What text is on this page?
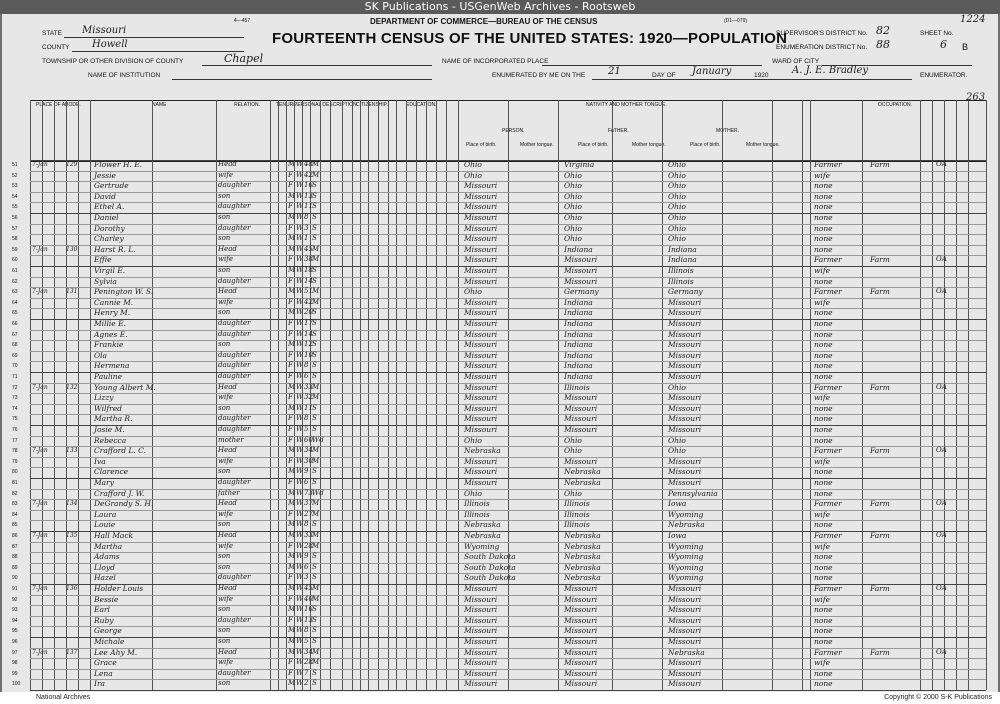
SK Publications - USGenWeb Archives - Rootsweb
4—457	DEPARTMENT OF COMMERCE—BUREAU OF THE CENSUS	(D1—079)	1224
FOURTEENTH CENSUS OF THE UNITED STATES: 1920—POPULATION
STATE Missouri
COUNTY Howell
TOWNSHIP OR OTHER DIVISION OF COUNTY	Chapel
NAME OF INSTITUTION
NAME OF INCORPORATED PLACE	WARD OF CITY
ENUMERATED BY ME ON THE 21	DAY OF January	1920 A. J. E. Bradley	ENUMERATOR.
SUPERVISOR'S DISTRICT No. 82	SHEET No.
ENUMERATION DISTRICT No. 88	6 B
263
PLACE OF ABODE.	NAME	RELATION.	TENURE.
PERSONAL DESCRIPTION.
CITIZENSHIP.	EDUCATION.	NATIVITY AND MOTHER TONGUE.	OCCUPATION.
PERSON.	FATHER.	MOTHER.
Place of birth.	Mother tongue.	Place of birth.	Mother tongue.	Place of birth.	Mother tongue.
51 7-Jan	129 Flower H. E.	Head	M W 48 M	Ohio	Virginia	Ohio	Farmer	Farm	OA
52	Jessie	wife	F W 42 M	Ohio	Ohio	Ohio	wife
53	Gertrude	daughter	F W 16 S	Missouri	Ohio	Ohio	none
54	David	son	M W 13 S	Missouri	Ohio	Ohio	none
55	Ethel A.	daughter	F W 11 S	Missouri	Ohio	Ohio	none
56	Daniel	son	M W 8 S	Missouri	Ohio	Ohio	none
57	Dorothy	daughter	F W 3 S	Missouri	Ohio	Ohio	none
58	Charley	son	M W 1 S	Missouri	Ohio	Ohio	none
59 7-Jan	130 Harst R. L.	Head	M W 45 M	Missouri	Indiana	Indiana	none
60	Effie	wife	F W 38 M	Missouri	Missouri	Indiana	Farmer	Farm	OA
61	Virgil E.	son	M W 18 S	Missouri	Missouri	Illinois	wife
62	Sylvia	daughter	F W 14 S	Missouri	Missouri	Illinois	none
63 7-Jan	131 Penington W. S.	Head	M W 51 M	Ohio	Germany	Germany	Farmer	Farm	OA
64	Cannie M.	wife	F W 42 M	Missouri	Indiana	Missouri	wife
65	Henry M.	son	M W 20 S	Missouri	Indiana	Missouri	none
66	Millie E.	daughter	F W 17 S	Missouri	Indiana	Missouri	none
67	Agnes E.	daughter	F W 14 S	Missouri	Indiana	Missouri	none
68	Frankie	son	M W 12 S	Missouri	Indiana	Missouri	none
69	Ola	daughter	F W 10 S	Missouri	Indiana	Missouri	none
70	Hermena	daughter	F W 8 S	Missouri	Indiana	Missouri	none
71	Pauline	daughter	F W 6 S	Missouri	Indiana	Missouri	none
72 7-Jan	132 Young Albert M.	Head	M W 33 M	Missouri	Illinois	Ohio	Farmer	Farm	OA
73	Lizzy	wife	F W 32 M	Missouri	Missouri	Missouri	wife
74	Wilfred	son	M W 11 S	Missouri	Missouri	Missouri	none
75	Martha R.	daughter	F W 8 S	Missouri	Missouri	Missouri	none
76	Josie M.	daughter	F W 5 S	Missouri	Missouri	Missouri	none
77	Rebecca	mother	F W 60 Wd	Ohio	Ohio	Ohio	none
78 7-Jan	133 Crafford L. C.	Head	M W 34 M	Nebraska	Ohio	Ohio	Farmer	Farm	OA
79	Iva	wife	F W 30 M	Missouri	Missouri	Missouri	wife
80	Clarence	son	M W 9 S	Missouri	Nebraska	Missouri	none
81	Mary	daughter	F W 6 S	Missouri	Nebraska	Missouri	none
82	Crafford J. W.	father	M W 73 Wd	Ohio	Ohio	Pennsylvania	none
83 7-Jan	134 DeGrandy S. H.	Head	M W 37 M	Illinois	Illinois	Iowa	Farmer	Farm	OA
84	Laura	wife	F W 27 M	Illinois	Illinois	Wyoming	wife
85	Louie	son	M W 8 S	Nebraska	Illinois	Nebraska	none
86 7-Jan	135 Hall Mack	Head	M W 33 M	Nebraska	Nebraska	Iowa	Farmer	Farm	OA
87	Martha	wife	F W 28 M	Wyoming	Nebraska	Wyoming	wife
88	Adams	son	M W 9 S	South Dakota	Nebraska	Wyoming	none
89	Lloyd	son	M W 6 S	South Dakota	Nebraska	Wyoming	none
90	Hazel	daughter	F W 3 S	South Dakota	Nebraska	Wyoming	none
91 7-Jan	136 Holder Louis	Head	M W 45 M	Missouri	Missouri	Missouri	Farmer	Farm	OA
92	Bessie	wife	F W 40 M	Missouri	Missouri	Missouri	wife
93	Earl	son	M W 16 S	Missouri	Missouri	Missouri	none
94	Ruby	daughter	F W 13 S	Missouri	Missouri	Missouri	none
95	George	son	M W 8 S	Missouri	Missouri	Missouri	none
96	Michale	son	M W 5 S	Missouri	Missouri	Missouri	none
97 7-Jan	137 Lee Ahy M.	Head	M W 34 M	Missouri	Missouri	Nebraska	Farmer	Farm	OA
98	Grace	wife	F W 28 M	Missouri	Missouri	Missouri	wife
99	Lena	daughter	F W 7 S	Missouri	Missouri	Missouri	none
100	Ira	son	M W 2 S	Missouri	Missouri	Missouri	none
National Archives	Copyright © 2000 S-K Publications
